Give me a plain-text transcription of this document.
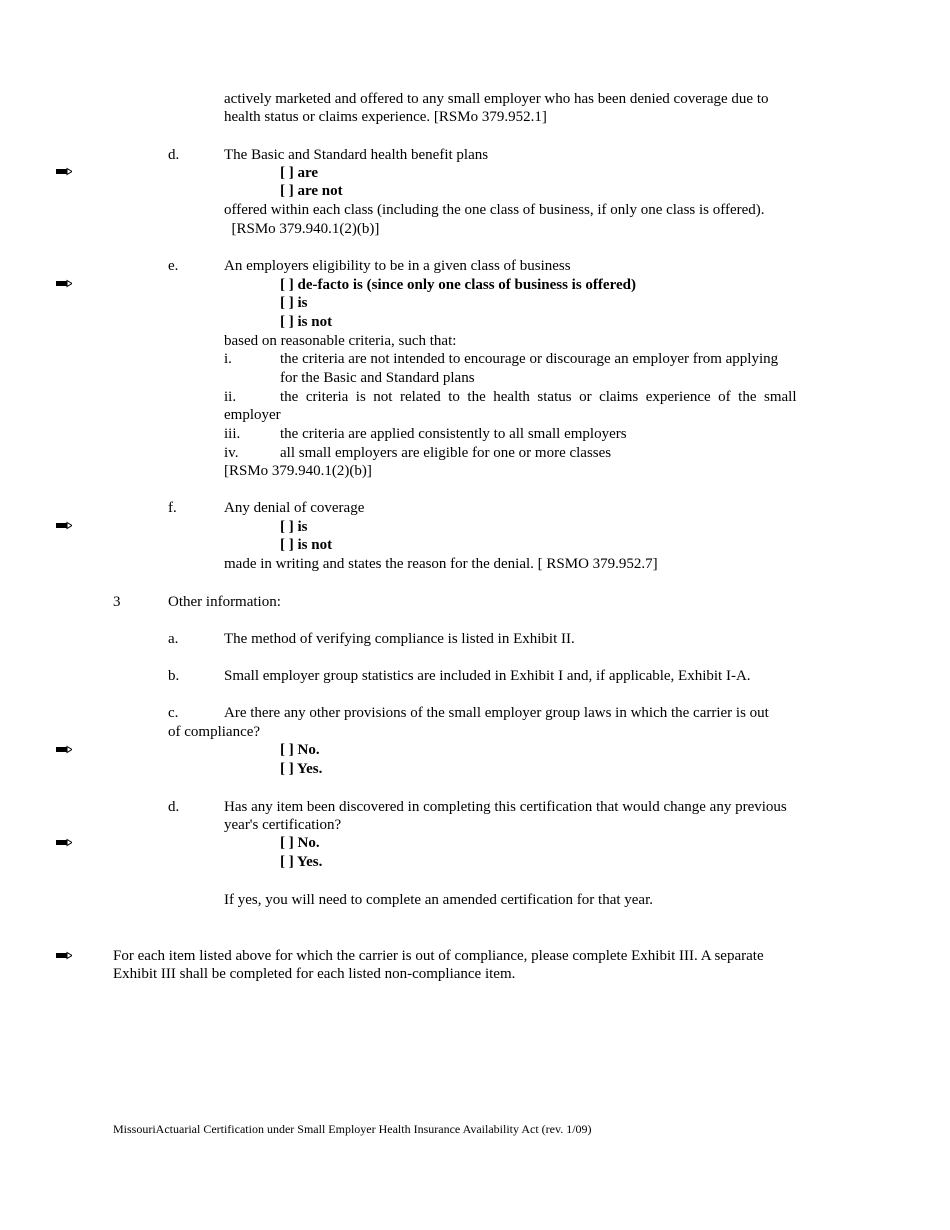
actively marketed and offered to any small employer who has been denied coverage due to
health status or claims experience. [RSMo 379.952.1]
d.	The Basic and Standard health benefit plans
[ ] are
[ ] are not
offered within each class (including the one class of business, if only one class is offered).
[RSMo 379.940.1(2)(b)]
e.	An employers eligibility to be in a given class of business
[ ] de-facto is (since only one class of business is offered)
[ ] is
[ ] is not
based on reasonable criteria, such that:
i.	the criteria are not intended to encourage or discourage an employer from applying
for the Basic and Standard plans
ii.	the  criteria  is  not  related  to  the  health  status  or  claims  experience  of  the  small
employer
iii.	the criteria are applied consistently to all small employers
iv.	all small employers are eligible for one or more classes
[RSMo 379.940.1(2)(b)]
f.	Any denial of coverage
[ ] is
[ ] is not
made in writing and states the reason for the denial. [ RSMO 379.952.7]
3	Other information:
a.	The method of verifying compliance is listed in Exhibit II.
b.	Small employer group statistics are included in Exhibit I and, if applicable, Exhibit I-A.
c.	Are there any other provisions of the small employer group laws in which the carrier is out
of compliance?
[ ] No.
[ ] Yes.
d.	Has any item been discovered in completing this certification that would change any previous
year's certification?
[ ] No.
[ ] Yes.
If yes, you will need to complete an amended certification for that year.
For each item listed above for which the carrier is out of compliance, please complete Exhibit III. A separate
Exhibit III shall be completed for each listed non-compliance item.
MissouriActuarial Certification under Small Employer Health Insurance Availability Act (rev. 1/09)
